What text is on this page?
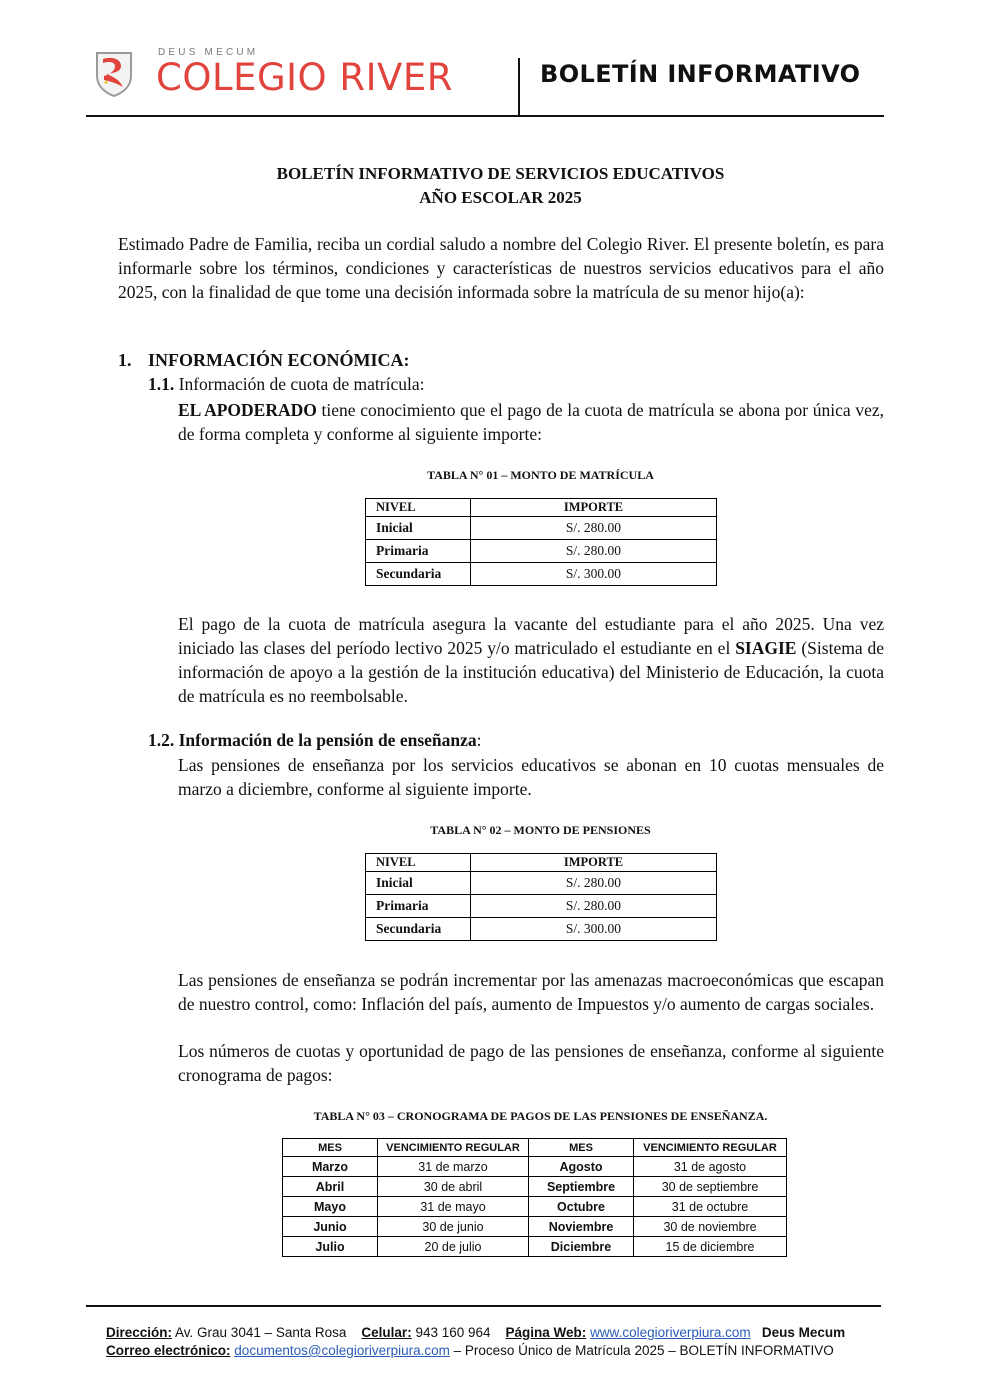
DEUS MECUM
COLEGIO RIVER	BOLETÍN INFORMATIVO
BOLETÍN INFORMATIVO DE SERVICIOS EDUCATIVOS
AÑO ESCOLAR 2025
Estimado Padre de Familia, reciba un cordial saludo a nombre del Colegio River. El presente boletín, es para informarle sobre los términos, condiciones y características de nuestros servicios educativos para el año 2025, con la finalidad de que tome una decisión informada sobre la matrícula de su menor hijo(a):
1. INFORMACIÓN ECONÓMICA:
1.1. Información de cuota de matrícula:
EL APODERADO tiene conocimiento que el pago de la cuota de matrícula se abona por única vez, de forma completa y conforme al siguiente importe:
TABLA N° 01 – MONTO DE MATRÍCULA
NIVEL	IMPORTE
Inicial	S/. 280.00
Primaria	S/. 280.00
Secundaria	S/. 300.00
El pago de la cuota de matrícula asegura la vacante del estudiante para el año 2025. Una vez iniciado las clases del período lectivo 2025 y/o matriculado el estudiante en el SIAGIE (Sistema de información de apoyo a la gestión de la institución educativa) del Ministerio de Educación, la cuota de matrícula es no reembolsable.
1.2. Información de la pensión de enseñanza:
Las pensiones de enseñanza por los servicios educativos se abonan en 10 cuotas mensuales de marzo a diciembre, conforme al siguiente importe.
TABLA N° 02 – MONTO DE PENSIONES
NIVEL	IMPORTE
Inicial	S/. 280.00
Primaria	S/. 280.00
Secundaria	S/. 300.00
Las pensiones de enseñanza se podrán incrementar por las amenazas macroeconómicas que escapan de nuestro control, como: Inflación del país, aumento de Impuestos y/o aumento de cargas sociales.
Los números de cuotas y oportunidad de pago de las pensiones de enseñanza, conforme al siguiente cronograma de pagos:
TABLA N° 03 – CRONOGRAMA DE PAGOS DE LAS PENSIONES DE ENSEÑANZA.
MES	VENCIMIENTO REGULAR	MES	VENCIMIENTO REGULAR
Marzo	31 de marzo	Agosto	31 de agosto
Abril	30 de abril	Septiembre	30 de septiembre
Mayo	31 de mayo	Octubre	31 de octubre
Junio	30 de junio	Noviembre	30 de noviembre
Julio	20 de julio	Diciembre	15 de diciembre
Dirección: Av. Grau 3041 – Santa Rosa Celular: 943 160 964 Página Web: www.colegioriverpiura.com Deus Mecum
Correo electrónico: documentos@colegioriverpiura.com – Proceso Único de Matrícula 2025 – BOLETÍN INFORMATIVO
